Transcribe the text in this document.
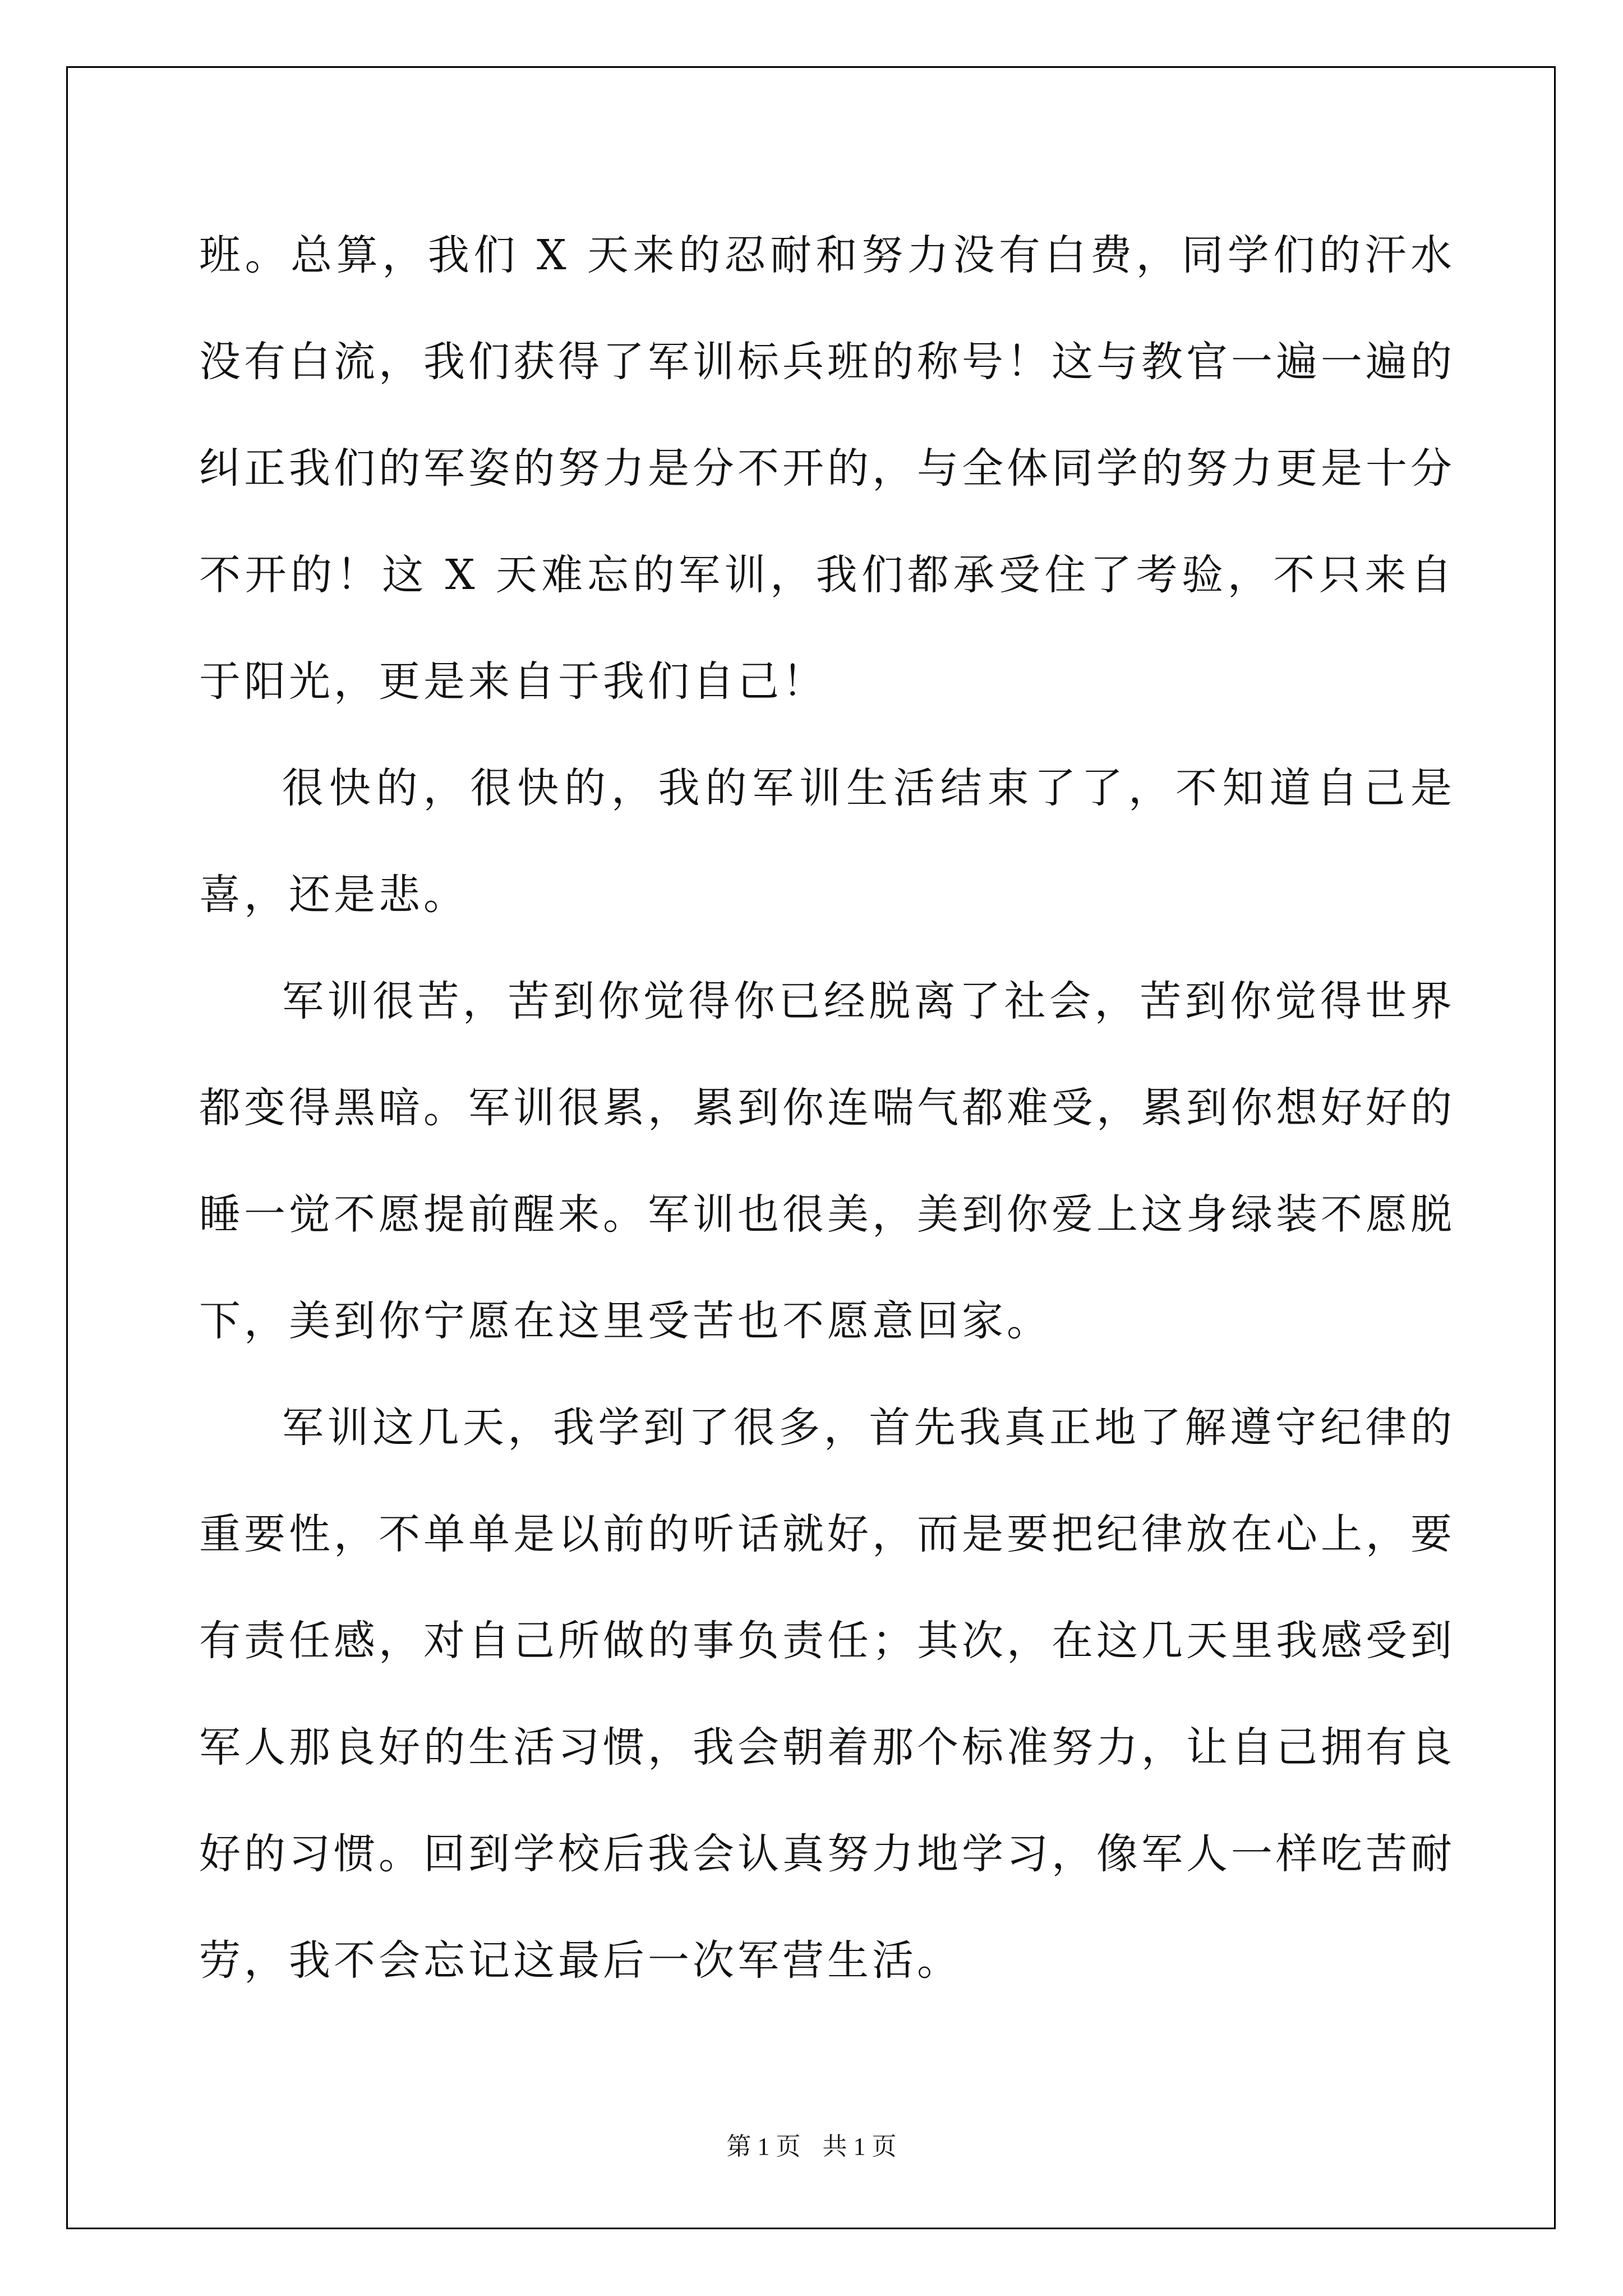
班。总算，我们 X 天来的忍耐和努力没有白费，同学们的汗水没有白流，我们获得了军训标兵班的称号！这与教官一遍一遍的纠正我们的军姿的努力是分不开的，与全体同学的努力更是十分不开的！这 X 天难忘的军训，我们都承受住了考验，不只来自于阳光，更是来自于我们自己！

很快的，很快的，我的军训生活结束了了，不知道自己是喜，还是悲。

军训很苦，苦到你觉得你已经脱离了社会，苦到你觉得世界都变得黑暗。军训很累，累到你连喘气都难受，累到你想好好的睡一觉不愿提前醒来。军训也很美，美到你爱上这身绿装不愿脱下，美到你宁愿在这里受苦也不愿意回家。

军训这几天，我学到了很多，首先我真正地了解遵守纪律的重要性，不单单是以前的听话就好，而是要把纪律放在心上，要有责任感，对自己所做的事负责任；其次，在这几天里我感受到军人那良好的生活习惯，我会朝着那个标准努力，让自己拥有良好的习惯。回到学校后我会认真努力地学习，像军人一样吃苦耐劳，我不会忘记这最后一次军营生活。

第 1 页 共 1 页
